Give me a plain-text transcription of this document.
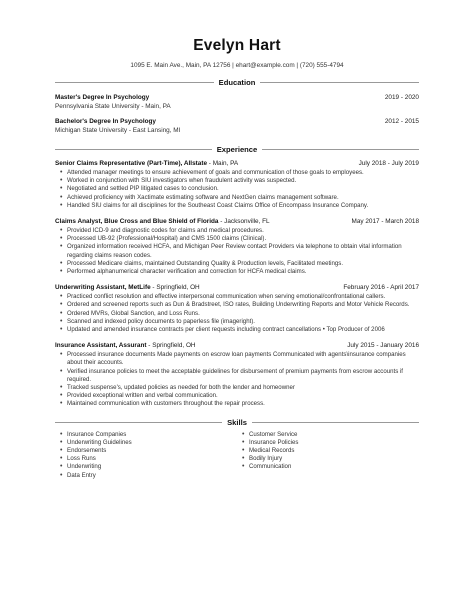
Evelyn Hart
1095 E. Main Ave., Main, PA 12756 | ehart@example.com | (720) 555-4794
Education
Master's Degree In Psychology	2019 - 2020
Pennsylvania State University - Main, PA
Bachelor's Degree In Psychology	2012 - 2015
Michigan State University - East Lansing, MI
Experience
Senior Claims Representative (Part-Time), Allstate - Main, PA	July 2018 - July 2019
• Attended manager meetings to ensure achievement of goals and communication of those goals to employees.
• Worked in conjunction with SIU investigators when fraudulent activity was suspected.
• Negotiated and settled PIP litigated cases to conclusion.
• Achieved proficiency with Xactimate estimating software and NextGen claims management software.
• Handled SIU claims for all disciplines for the Southeast Coast Claims Office of Encompass Insurance Company.
Claims Analyst, Blue Cross and Blue Shield of Florida - Jacksonville, FL	May 2017 - March 2018
• Provided ICD-9 and diagnostic codes for claims and medical procedures.
• Processed UB-92 (Professional/Hospital) and CMS 1500 claims (Clinical).
• Organized information received HCFA, and Michigan Peer Review contact Providers via telephone to obtain vital information regarding claims reason codes.
• Processed Medicare claims, maintained Outstanding Quality & Production levels, Facilitated meetings.
• Performed alphanumerical character verification and correction for HCFA medical claims.
Underwriting Assistant, MetLife - Springfield, OH	February 2016 - April 2017
• Practiced conflict resolution and effective interpersonal communication when serving emotional/confrontational callers.
• Ordered and screened reports such as Dun & Bradstreet, ISO rates, Building Underwriting Reports and Motor Vehicle Records.
• Ordered MVRs, Global Sanction, and Loss Runs.
• Scanned and indexed policy documents to paperless file (imageright).
• Updated and amended insurance contracts per client requests including contract cancellations • Top Producer of 2006
Insurance Assistant, Assurant - Springfield, OH	July 2015 - January 2016
• Processed insurance documents Made payments on escrow loan payments Communicated with agents\insurance companies about their accounts.
• Verified insurance policies to meet the acceptable guidelines for disbursement of premium payments from escrow accounts if required.
• Tracked suspense's, updated policies as needed for both the lender and homeowner
• Provided exceptional written and verbal communication.
• Maintained communication with customers throughout the repair process.
Skills
• Insurance Companies
• Underwriting Guidelines
• Endorsements
• Loss Runs
• Underwriting
• Data Entry
• Customer Service
• Insurance Policies
• Medical Records
• Bodily Injury
• Communication
